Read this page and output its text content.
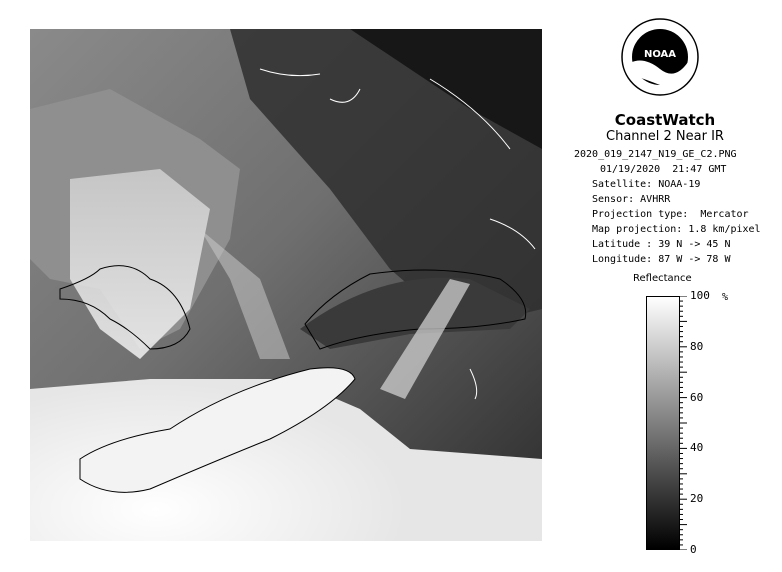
NOAA
CoastWatch
Channel 2 Near IR
2020_019_2147_N19_GE_C2.PNG
01/19/2020  21:47 GMT
Satellite: NOAA-19
Sensor: AVHRR
Projection type:  Mercator
Map projection: 1.8 km/pixel
Latitude : 39 N -> 45 N
Longitude: 87 W -> 78 W
Reflectance
%
100
80
60
40
20
0
